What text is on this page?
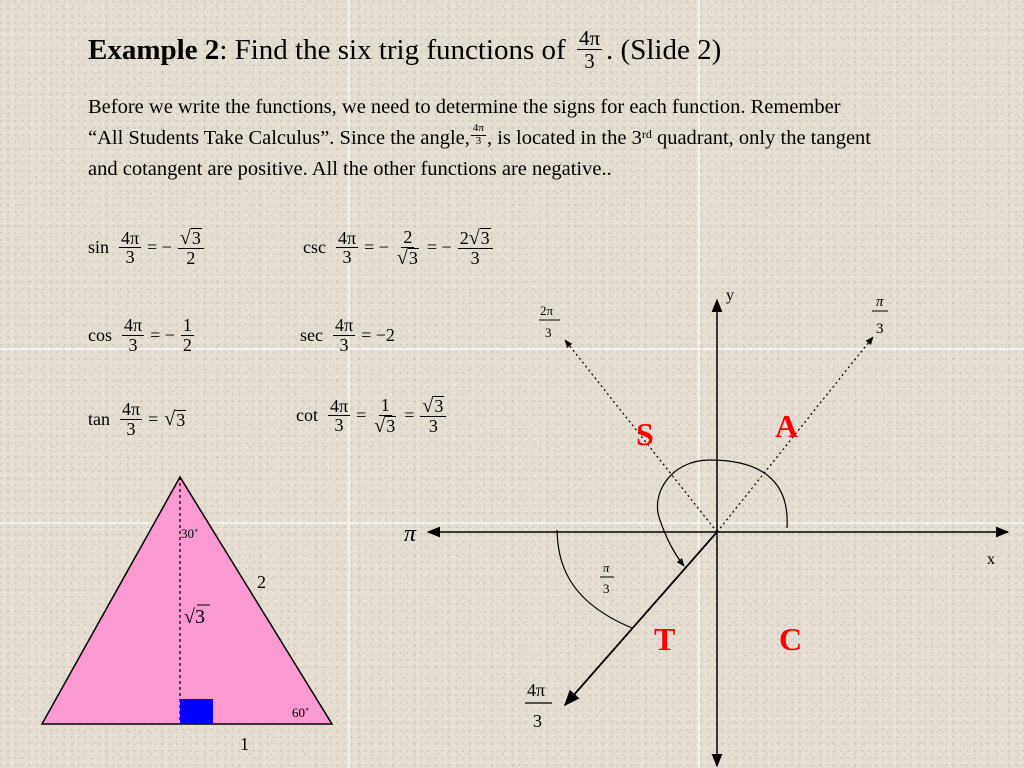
Example 2: Find the six trig functions of $\frac{4\pi}{3}$ . (Slide 2)
Before we write the functions, we need to determine the signs for each function. Remember “All Students Take Calculus”. Since the angle, $\frac{4\pi}{3}$ , is located in the 3rd quadrant, only the tangent and cotangent are positive. All the other functions are negative..
$\sin \frac{4\pi}{3}$ = − $\frac{√ 3}{2}$
$\cos \frac{4\pi}{3}$ = − $\frac{1}{2}$
$\tan \frac{4\pi}{3}$ = √ 3
$\csc \frac{4\pi}{3}$ = − $\frac{2}{√ 3}$ = − $\frac{2 √ 3}{3}$
$\sec \frac{4\pi}{3} = -2$
$\cot \frac{4\pi}{3} = \frac{1}{√ 3} = \frac{√ 3}{3}$
30˚
60˚
2
√3
1
y
x
π
π
3
2π
3
π
3
4π
3
S	A
T	C
